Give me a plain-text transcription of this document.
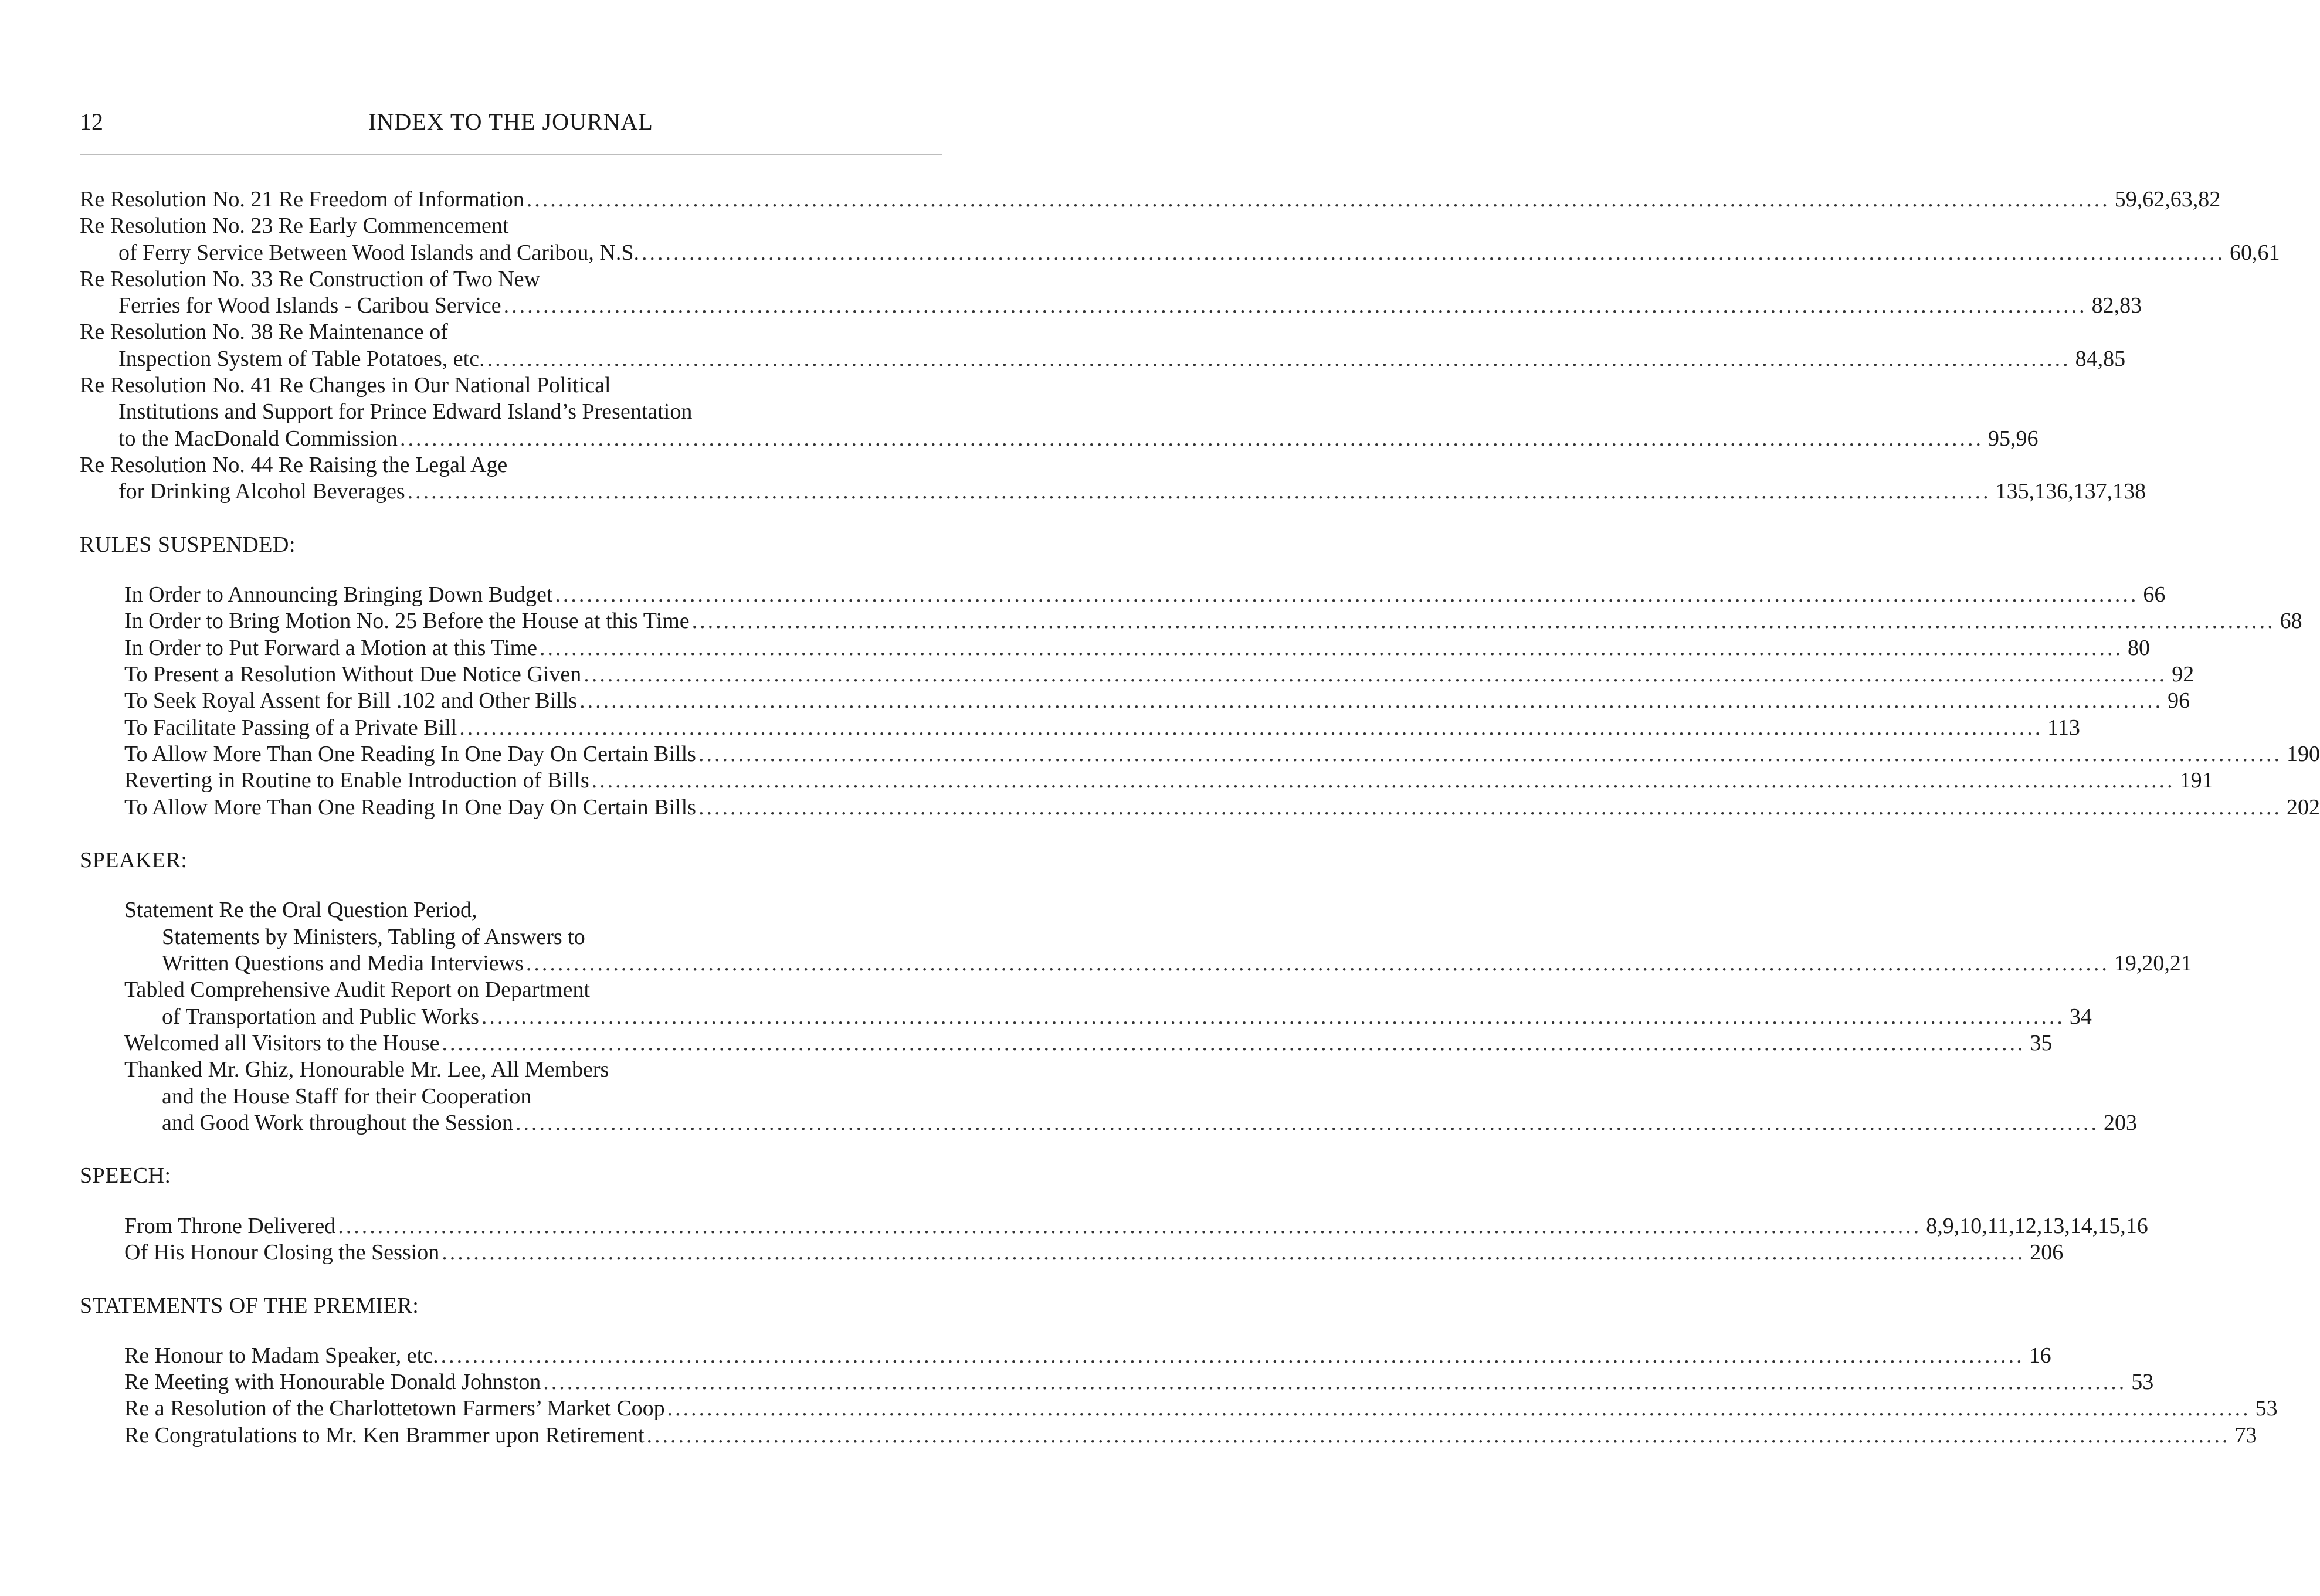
12	INDEX TO THE JOURNAL
Re Resolution No. 21 Re Freedom of Information ........................................................................................................................................................................................................ 59,62,63,82
Re Resolution No. 23 Re Early Commencement
of Ferry Service Between Wood Islands and Caribou, N.S. ........................................................................................................................................................................................................ 60,61
Re Resolution No. 33 Re Construction of Two New
Ferries for Wood Islands - Caribou Service ........................................................................................................................................................................................................ 82,83
Re Resolution No. 38 Re Maintenance of
Inspection System of Table Potatoes, etc. ........................................................................................................................................................................................................ 84,85
Re Resolution No. 41 Re Changes in Our National Political
Institutions and Support for Prince Edward Island’s Presentation
to the MacDonald Commission ........................................................................................................................................................................................................ 95,96
Re Resolution No. 44 Re Raising the Legal Age
for Drinking Alcohol Beverages ........................................................................................................................................................................................................ 135,136,137,138
RULES SUSPENDED:
In Order to Announcing Bringing Down Budget ........................................................................................................................................................................................................ 66
In Order to Bring Motion No. 25 Before the House at this Time ........................................................................................................................................................................................................ 68
In Order to Put Forward a Motion at this Time ........................................................................................................................................................................................................ 80
To Present a Resolution Without Due Notice Given ........................................................................................................................................................................................................ 92
To Seek Royal Assent for Bill .102 and Other Bills ........................................................................................................................................................................................................ 96
To Facilitate Passing of a Private Bill ........................................................................................................................................................................................................ 113
To Allow More Than One Reading In One Day On Certain Bills ........................................................................................................................................................................................................ 190
Reverting in Routine to Enable Introduction of Bills ........................................................................................................................................................................................................ 191
To Allow More Than One Reading In One Day On Certain Bills ........................................................................................................................................................................................................ 202
SPEAKER:
Statement Re the Oral Question Period,
Statements by Ministers, Tabling of Answers to
Written Questions and Media Interviews ........................................................................................................................................................................................................ 19,20,21
Tabled Comprehensive Audit Report on Department
of Transportation and Public Works ........................................................................................................................................................................................................ 34
Welcomed all Visitors to the House ........................................................................................................................................................................................................ 35
Thanked Mr. Ghiz, Honourable Mr. Lee, All Members
and the House Staff for their Cooperation
and Good Work throughout the Session ........................................................................................................................................................................................................ 203
SPEECH:
From Throne Delivered ........................................................................................................................................................................................................ 8,9,10,11,12,13,14,15,16
Of His Honour Closing the Session ........................................................................................................................................................................................................ 206
STATEMENTS OF THE PREMIER:
Re Honour to Madam Speaker, etc. ........................................................................................................................................................................................................ 16
Re Meeting with Honourable Donald Johnston ........................................................................................................................................................................................................ 53
Re a Resolution of the Charlottetown Farmers’ Market Coop ........................................................................................................................................................................................................ 53
Re Congratulations to Mr. Ken Brammer upon Retirement ........................................................................................................................................................................................................ 73
